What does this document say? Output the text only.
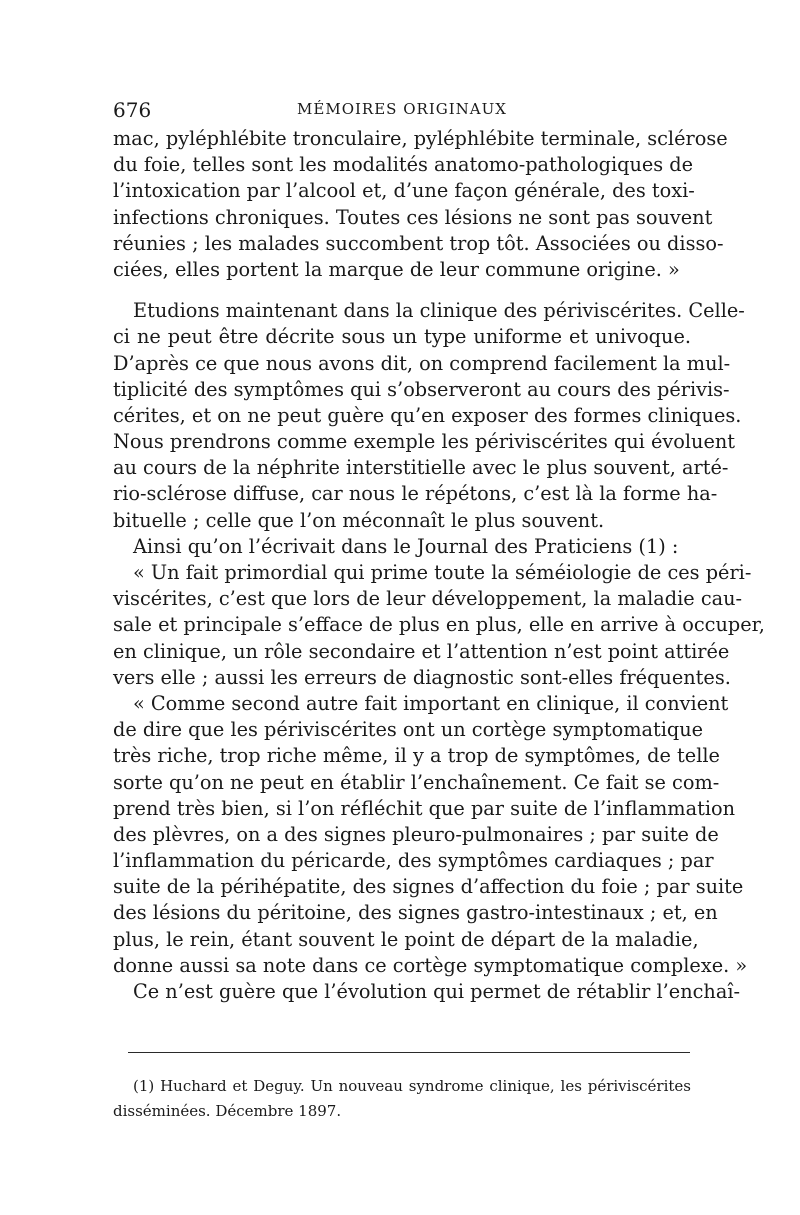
676	MÉMOIRES ORIGINAUX
mac, pyléphlébite tronculaire, pyléphlébite terminale, sclérose
du foie, telles sont les modalités anatomo-pathologiques de
l’intoxication par l’alcool et, d’une façon générale, des toxi-
infections chroniques. Toutes ces lésions ne sont pas souvent
réunies ; les malades succombent trop tôt. Associées ou disso-
ciées, elles portent la marque de leur commune origine. »
Etudions maintenant dans la clinique des périviscérites. Celle-
ci ne peut être décrite sous un type uniforme et univoque.
D’après ce que nous avons dit, on comprend facilement la mul-
tiplicité des symptômes qui s’observeront au cours des périvis-
cérites, et on ne peut guère qu’en exposer des formes cliniques.
Nous prendrons comme exemple les périviscérites qui évoluent
au cours de la néphrite interstitielle avec le plus souvent, arté-
rio-sclérose diffuse, car nous le répétons, c’est là la forme ha-
bituelle ; celle que l’on méconnaît le plus souvent.
Ainsi qu’on l’écrivait dans le Journal des Praticiens (1) :
« Un fait primordial qui prime toute la séméiologie de ces péri-
viscérites, c’est que lors de leur développement, la maladie cau-
sale et principale s’efface de plus en plus, elle en arrive à occuper,
en clinique, un rôle secondaire et l’attention n’est point attirée
vers elle ; aussi les erreurs de diagnostic sont-elles fréquentes.
« Comme second autre fait important en clinique, il convient
de dire que les périviscérites ont un cortège symptomatique
très riche, trop riche même, il y a trop de symptômes, de telle
sorte qu’on ne peut en établir l’enchaînement. Ce fait se com-
prend très bien, si l’on réfléchit que par suite de l’inflammation
des plèvres, on a des signes pleuro-pulmonaires ; par suite de
l’inflammation du péricarde, des symptômes cardiaques ; par
suite de la périhépatite, des signes d’affection du foie ; par suite
des lésions du péritoine, des signes gastro-intestinaux ; et, en
plus, le rein, étant souvent le point de départ de la maladie,
donne aussi sa note dans ce cortège symptomatique complexe. »
Ce n’est guère que l’évolution qui permet de rétablir l’enchaî-
(1) Huchard et Deguy. Un nouveau syndrome clinique, les périviscérites
disséminées. Décembre 1897.
